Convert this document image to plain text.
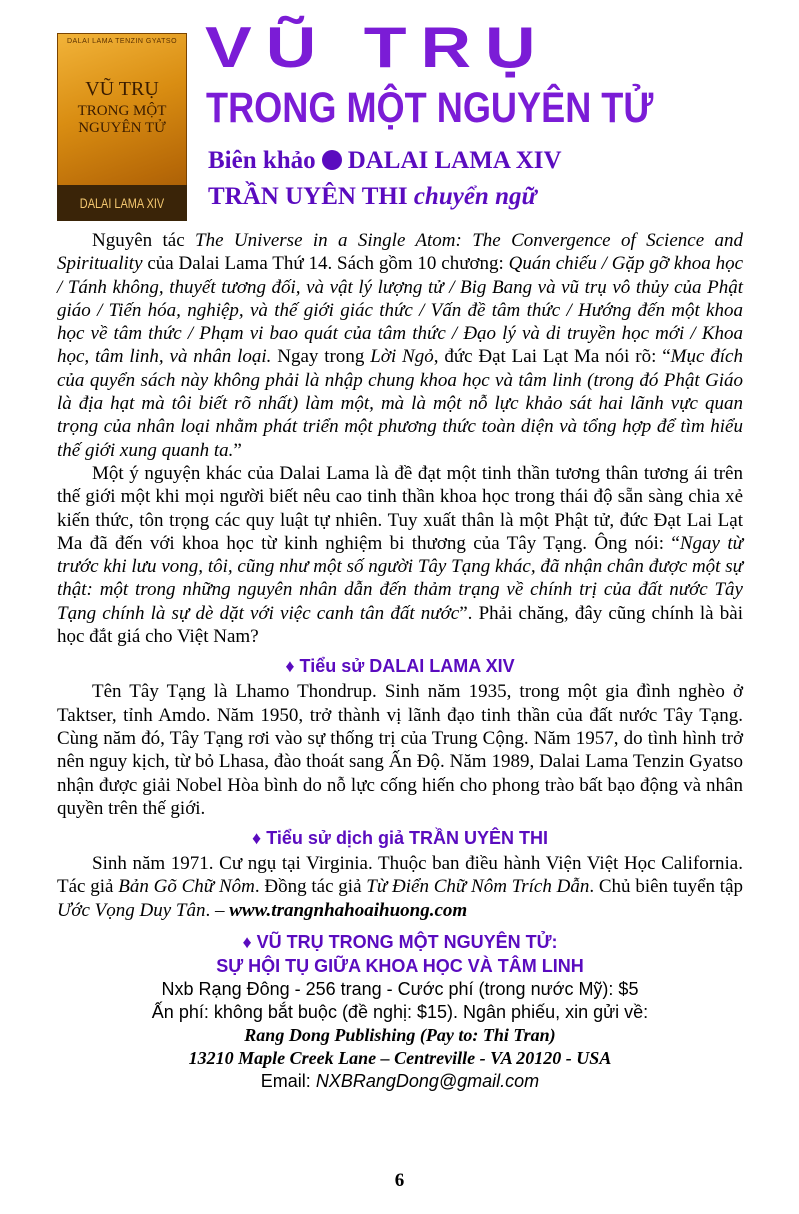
DALAI LAMA TENZIN GYATSO
VŨ TRỤ
TRONG MỘT
NGUYÊN TỬ
DALAI LAMA XIV
VŨ TRỤ
TRONG MỘT NGUYÊN TỬ
Biên khảo DALAI LAMA XIV
TRẦN UYÊN THI chuyển ngữ

Nguyên tác The Universe in a Single Atom: The Convergence of Science and Spirituality của Dalai Lama Thứ 14. Sách gồm 10 chương: Quán chiếu / Gặp gỡ khoa học / Tánh không, thuyết tương đối, và vật lý lượng tử / Big Bang và vũ trụ vô thủy của Phật giáo / Tiến hóa, nghiệp, và thế giới giác thức / Vấn đề tâm thức / Hướng đến một khoa học về tâm thức / Phạm vi bao quát của tâm thức / Đạo lý và di truyền học mới / Khoa học, tâm linh, và nhân loại. Ngay trong Lời Ngỏ, đức Đạt Lai Lạt Ma nói rõ: “Mục đích của quyển sách này không phải là nhập chung khoa học và tâm linh (trong đó Phật Giáo là địa hạt mà tôi biết rõ nhất) làm một, mà là một nỗ lực khảo sát hai lãnh vực quan trọng của nhân loại nhằm phát triển một phương thức toàn diện và tổng hợp để tìm hiểu thế giới xung quanh ta.”

Một ý nguyện khác của Dalai Lama là đề đạt một tinh thần tương thân tương ái trên thế giới một khi mọi người biết nêu cao tinh thần khoa học trong thái độ sẵn sàng chia xẻ kiến thức, tôn trọng các quy luật tự nhiên. Tuy xuất thân là một Phật tử, đức Đạt Lai Lạt Ma đã đến với khoa học từ kinh nghiệm bi thương của Tây Tạng. Ông nói: “Ngay từ trước khi lưu vong, tôi, cũng như một số người Tây Tạng khác, đã nhận chân được một sự thật: một trong những nguyên nhân dẫn đến thảm trạng về chính trị của đất nước Tây Tạng chính là sự dè dặt với việc canh tân đất nước”. Phải chăng, đây cũng chính là bài học đắt giá cho Việt Nam?

♦ Tiểu sử DALAI LAMA XIV

Tên Tây Tạng là Lhamo Thondrup. Sinh năm 1935, trong một gia đình nghèo ở Taktser, tỉnh Amdo. Năm 1950, trở thành vị lãnh đạo tinh thần của đất nước Tây Tạng. Cùng năm đó, Tây Tạng rơi vào sự thống trị của Trung Cộng. Năm 1957, do tình hình trở nên nguy kịch, từ bỏ Lhasa, đào thoát sang Ấn Độ. Năm 1989, Dalai Lama Tenzin Gyatso nhận được giải Nobel Hòa bình do nỗ lực cống hiến cho phong trào bất bạo động và nhân quyền trên thế giới.

♦ Tiểu sử dịch giả TRẦN UYÊN THI

Sinh năm 1971. Cư ngụ tại Virginia. Thuộc ban điều hành Viện Việt Học California. Tác giả Bản Gõ Chữ Nôm. Đồng tác giả Từ Điển Chữ Nôm Trích Dẫn. Chủ biên tuyển tập Ước Vọng Duy Tân. – www.trangnhahoaihuong.com

♦ VŨ TRỤ TRONG MỘT NGUYÊN TỬ:
SỰ HỘI TỤ GIỮA KHOA HỌC VÀ TÂM LINH
Nxb Rạng Đông - 256 trang - Cước phí (trong nước Mỹ): $5
Ấn phí: không bắt buộc (đề nghị: $15). Ngân phiếu, xin gửi về:
Rang Dong Publishing (Pay to: Thi Tran)
13210 Maple Creek Lane – Centreville - VA 20120 - USA
Email: NXBRangDong@gmail.com
6
